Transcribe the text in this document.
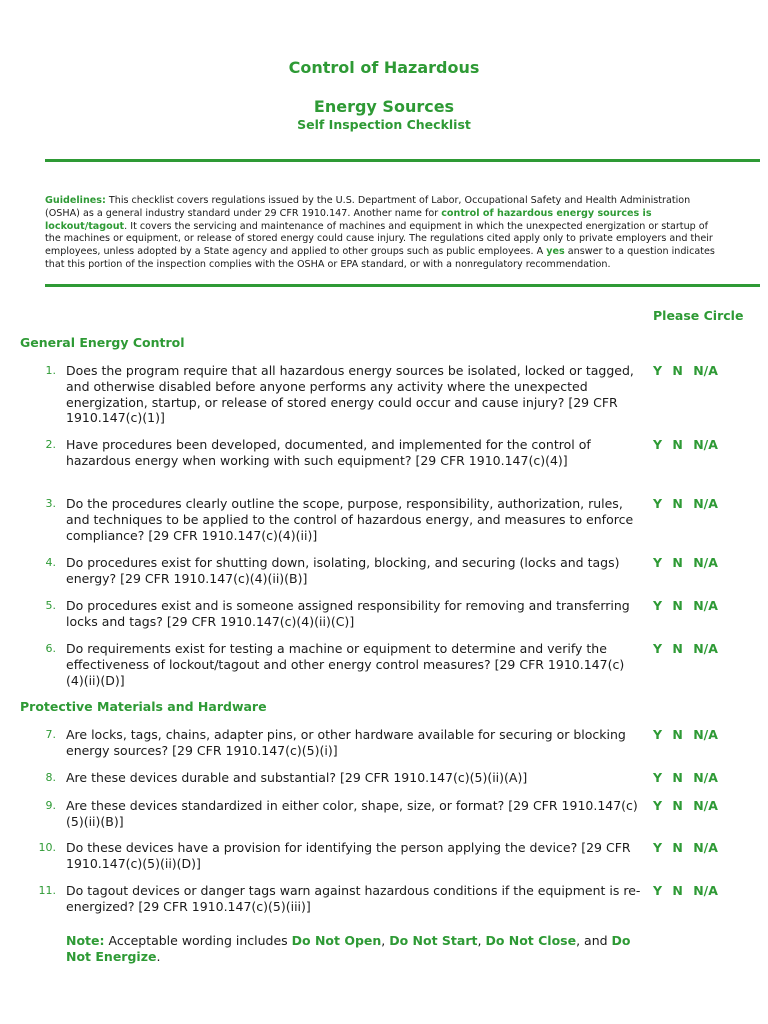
Control of Hazardous
Energy Sources
Self Inspection Checklist
Guidelines: This checklist covers regulations issued by the U.S. Department of Labor, Occupational Safety and Health Administration (OSHA) as a general industry standard under 29 CFR 1910.147. Another name for control of hazardous energy sources is lockout/tagout. It covers the servicing and maintenance of machines and equipment in which the unexpected energization or startup of the machines or equipment, or release of stored energy could cause injury. The regulations cited apply only to private employers and their employees, unless adopted by a State agency and applied to other groups such as public employees. A yes answer to a question indicates that this portion of the inspection complies with the OSHA or EPA standard, or with a nonregulatory recommendation.
Please Circle
General Energy Control
1. Does the program require that all hazardous energy sources be isolated, locked or tagged, and otherwise disabled before anyone performs any activity where the unexpected energization, startup, or release of stored energy could occur and cause injury? [29 CFR 1910.147(c)(1)]
Y N N/A
2. Have procedures been developed, documented, and implemented for the control of hazardous energy when working with such equipment? [29 CFR 1910.147(c)(4)]
Y N N/A
3. Do the procedures clearly outline the scope, purpose, responsibility, authorization, rules, and techniques to be applied to the control of hazardous energy, and measures to enforce compliance? [29 CFR 1910.147(c)(4)(ii)]
Y N N/A
4. Do procedures exist for shutting down, isolating, blocking, and securing (locks and tags) energy? [29 CFR 1910.147(c)(4)(ii)(B)]
Y N N/A
5. Do procedures exist and is someone assigned responsibility for removing and transferring locks and tags? [29 CFR 1910.147(c)(4)(ii)(C)]
Y N N/A
6. Do requirements exist for testing a machine or equipment to determine and verify the effectiveness of lockout/tagout and other energy control measures? [29 CFR 1910.147(c)(4)(ii)(D)]
Y N N/A
Protective Materials and Hardware
7. Are locks, tags, chains, adapter pins, or other hardware available for securing or blocking energy sources? [29 CFR 1910.147(c)(5)(i)]
Y N N/A
8. Are these devices durable and substantial? [29 CFR 1910.147(c)(5)(ii)(A)]	Y N N/A
9. Are these devices standardized in either color, shape, size, or format? [29 CFR 1910.147(c)(5)(ii)(B)]
Y N N/A
10. Do these devices have a provision for identifying the person applying the device? [29 CFR 1910.147(c)(5)(ii)(D)]
Y N N/A
11. Do tagout devices or danger tags warn against hazardous conditions if the equipment is re-energized? [29 CFR 1910.147(c)(5)(iii)]
Y N N/A
Note: Acceptable wording includes Do Not Open, Do Not Start, Do Not Close, and Do Not Energize.
